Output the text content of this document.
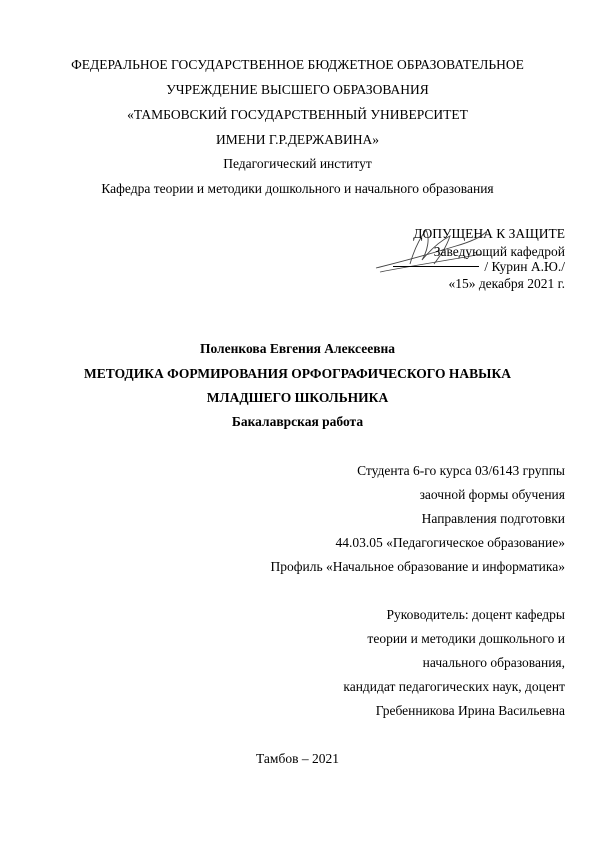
ФЕДЕРАЛЬНОЕ ГОСУДАРСТВЕННОЕ БЮДЖЕТНОЕ ОБРАЗОВАТЕЛЬНОЕ
УЧРЕЖДЕНИЕ ВЫСШЕГО ОБРАЗОВАНИЯ
«ТАМБОВСКИЙ ГОСУДАРСТВЕННЫЙ УНИВЕРСИТЕТ
ИМЕНИ Г.Р.ДЕРЖАВИНА»
Педагогический институт
Кафедра теории и методики дошкольного и начального образования
ДОПУЩЕНА К ЗАЩИТЕ
Заведующий кафедрой
/ Курин А.Ю./
«15» декабря 2021 г.
Поленкова Евгения Алексеевна
МЕТОДИКА ФОРМИРОВАНИЯ ОРФОГРАФИЧЕСКОГО НАВЫКА
МЛАДШЕГО ШКОЛЬНИКА
Бакалаврская работа
Студента 6-го курса 03/6143 группы
заочной формы обучения
Направления подготовки
44.03.05 «Педагогическое образование»
Профиль «Начальное образование и информатика»
Руководитель: доцент кафедры
теории и методики дошкольного и
начального образования,
кандидат педагогических наук, доцент
Гребенникова Ирина Васильевна
Тамбов – 2021
